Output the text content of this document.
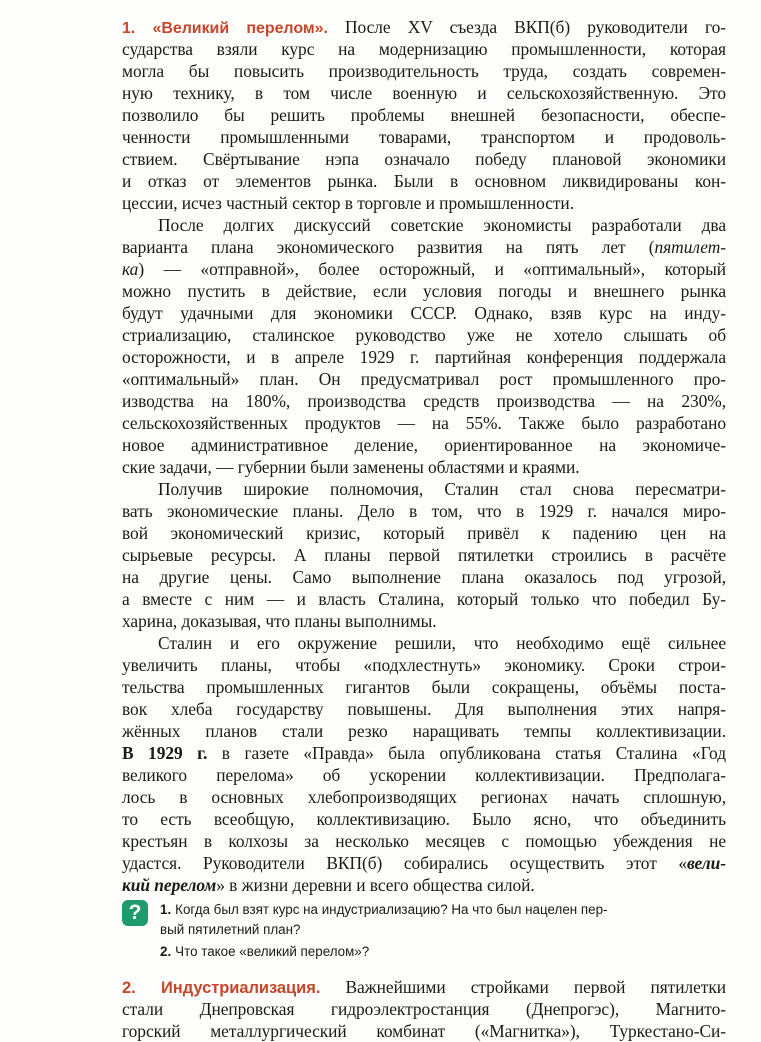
1. «Великий перелом». После XV съезда ВКП(б) руководители го-
сударства взяли курс на модернизацию промышленности, которая
могла бы повысить производительность труда, создать современ-
ную технику, в том числе военную и сельскохозяйственную. Это
позволило бы решить проблемы внешней безопасности, обеспе-
ченности промышленными товарами, транспортом и продоволь-
ствием. Свёртывание нэпа означало победу плановой экономики
и отказ от элементов рынка. Были в основном ликвидированы кон-
цессии, исчез частный сектор в торговле и промышленности.
После долгих дискуссий советские экономисты разработали два
варианта плана экономического развития на пять лет (пятилет-
ка) — «отправной», более осторожный, и «оптимальный», который
можно пустить в действие, если условия погоды и внешнего рынка
будут удачными для экономики СССР. Однако, взяв курс на инду-
стриализацию, сталинское руководство уже не хотело слышать об
осторожности, и в апреле 1929 г. партийная конференция поддержала
«оптимальный» план. Он предусматривал рост промышленного про-
изводства на 180%, производства средств производства — на 230%,
сельскохозяйственных продуктов — на 55%. Также было разработано
новое административное деление, ориентированное на экономиче-
ские задачи, — губернии были заменены областями и краями.
Получив широкие полномочия, Сталин стал снова пересматри-
вать экономические планы. Дело в том, что в 1929 г. начался миро-
вой экономический кризис, который привёл к падению цен на
сырьевые ресурсы. А планы первой пятилетки строились в расчёте
на другие цены. Само выполнение плана оказалось под угрозой,
а вместе с ним — и власть Сталина, который только что победил Бу-
харина, доказывая, что планы выполнимы.
Сталин и его окружение решили, что необходимо ещё сильнее
увеличить планы, чтобы «подхлестнуть» экономику. Сроки строи-
тельства промышленных гигантов были сокращены, объёмы поста-
вок хлеба государству повышены. Для выполнения этих напря-
жённых планов стали резко наращивать темпы коллективизации.
В 1929 г. в газете «Правда» была опубликована статья Сталина «Год
великого перелома» об ускорении коллективизации. Предполага-
лось в основных хлебопроизводящих регионах начать сплошную,
то есть всеобщую, коллективизацию. Было ясно, что объединить
крестьян в колхозы за несколько месяцев с помощью убеждения не
удастся. Руководители ВКП(б) собирались осуществить этот «вели-
кий перелом» в жизни деревни и всего общества силой.
?	1. Когда был взят курс на индустриализацию? На что был нацелен пер-
вый пятилетний план?
2. Что такое «великий перелом»?
2. Индустриализация. Важнейшими стройками первой пятилетки
стали Днепровская гидроэлектростанция (Днепрогэс), Магнито-
горский металлургический комбинат («Магнитка»), Туркестано-Си-
